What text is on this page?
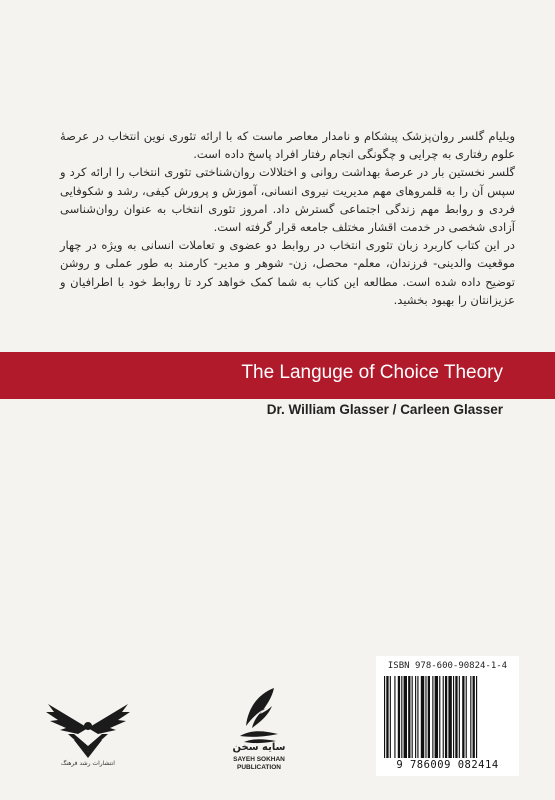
ویلیام گلسر روان‌پزشک پیشکام و نامدار معاصر ماست که با ارائه تئوری نوین انتخاب در عرصهٔ علوم رفتاری به چرایی و چگونگی انجام رفتار افراد پاسخ داده است.

گلسر نخستین بار در عرصهٔ بهداشت روانی و اختلالات روان‌شناختی تئوری انتخاب را ارائه کرد و سپس آن را به قلمروهای مهم مدیریت نیروی انسانی، آموزش و پرورش کیفی، رشد و شکوفایی فردی و روابط مهم زندگی اجتماعی گسترش داد. امروز تئوری انتخاب به عنوان روان‌شناسی آزادی شخصی در خدمت اقشار مختلف جامعه قرار گرفته است.

در این کتاب کاربرد زبان تئوری انتخاب در روابط دو عضوی و تعاملات انسانی به ویژه در چهار موقعیت والدینی- فرزندان، معلم- محصل، زن- شوهر و مدیر- کارمند به طور عملی و روشن توضیح داده شده است. مطالعه این کتاب به شما کمک خواهد کرد تا روابط خود با اطرافیان و عزیزانتان را بهبود بخشید.

The Languge of Choice Theory
Dr. William Glasser / Carleen Glasser
انتشارات رشد فرهنگ
سایه سخن
SAYEH SOKHAN
PUBLICATION
ISBN 978-600-90824-1-4
9 786009 082414
